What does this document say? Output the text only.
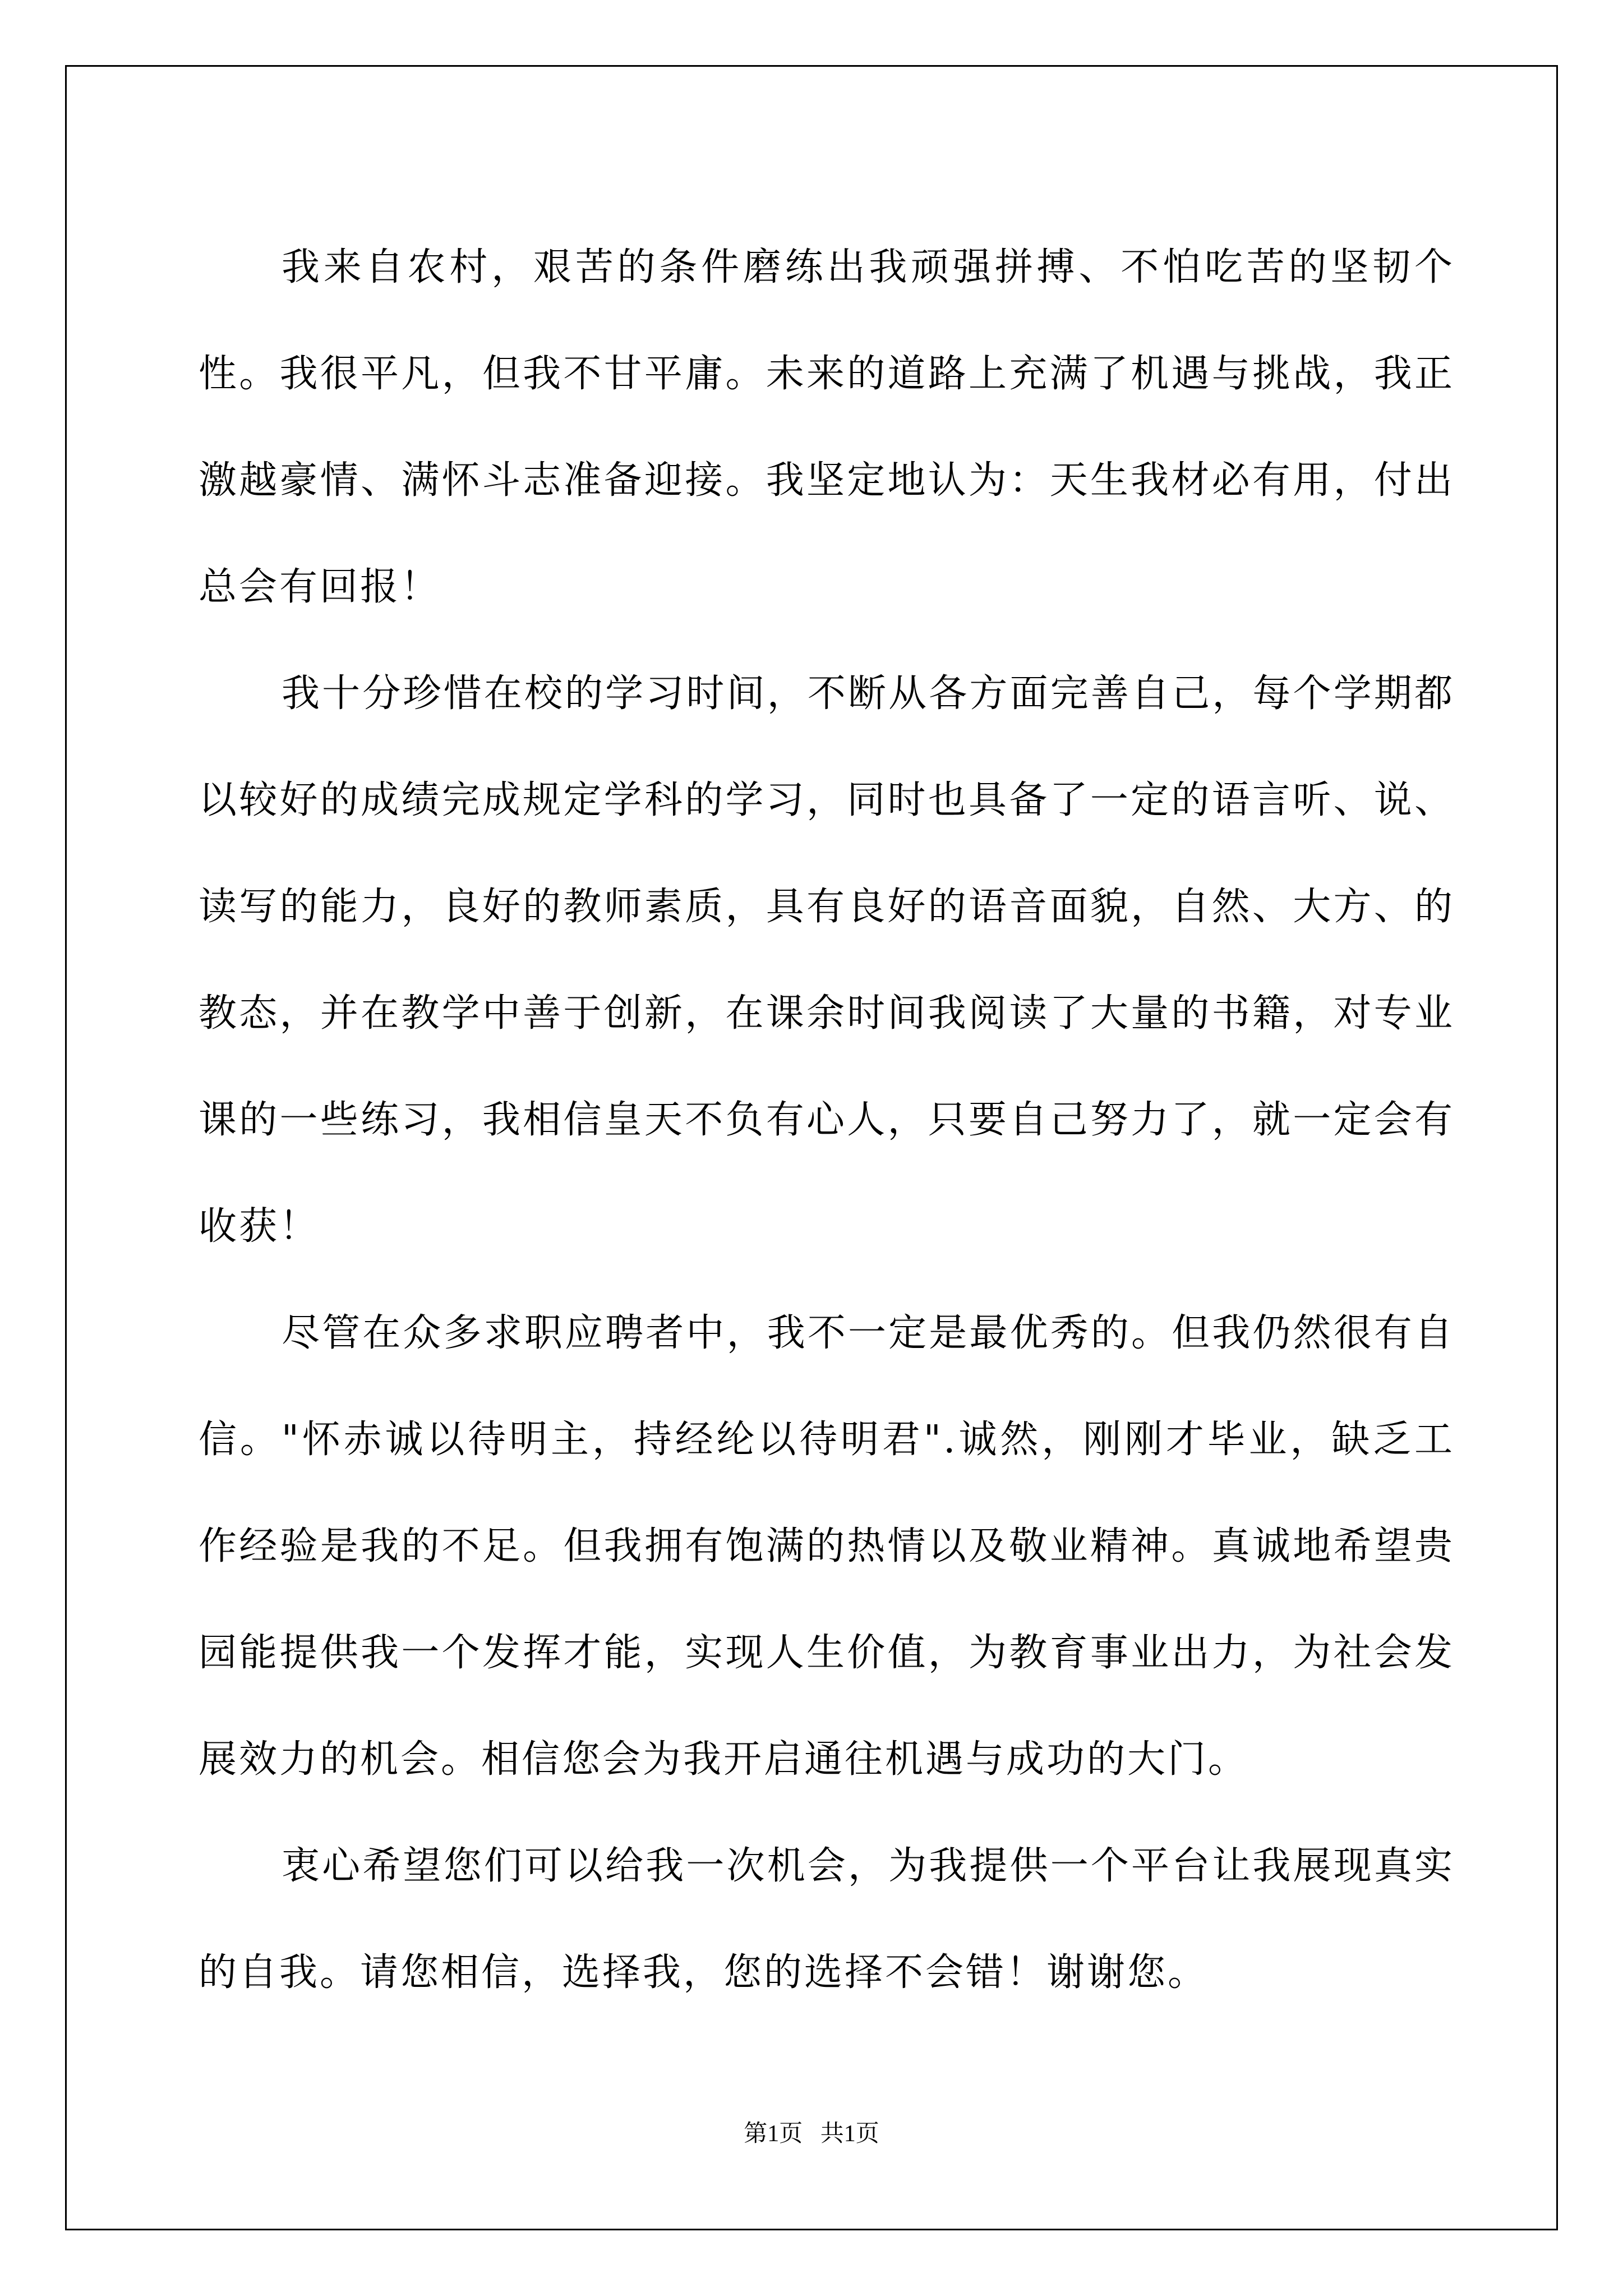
我来自农村，艰苦的条件磨练出我顽强拼搏、不怕吃苦的坚韧个性。我很平凡，但我不甘平庸。未来的道路上充满了机遇与挑战，我正激越豪情、满怀斗志准备迎接。我坚定地认为：天生我材必有用，付出总会有回报！

我十分珍惜在校的学习时间，不断从各方面完善自己，每个学期都以较好的成绩完成规定学科的学习，同时也具备了一定的语言听、说、读写的能力，良好的教师素质，具有良好的语音面貌，自然、大方、的教态，并在教学中善于创新，在课余时间我阅读了大量的书籍，对专业课的一些练习，我相信皇天不负有心人，只要自己努力了，就一定会有收获！

尽管在众多求职应聘者中，我不一定是最优秀的。但我仍然很有自信。"怀赤诚以待明主，持经纶以待明君".诚然，刚刚才毕业，缺乏工作经验是我的不足。但我拥有饱满的热情以及敬业精神。真诚地希望贵园能提供我一个发挥才能，实现人生价值，为教育事业出力，为社会发展效力的机会。相信您会为我开启通往机遇与成功的大门。

衷心希望您们可以给我一次机会，为我提供一个平台让我展现真实的自我。请您相信，选择我，您的选择不会错！谢谢您。

第1页   共1页
